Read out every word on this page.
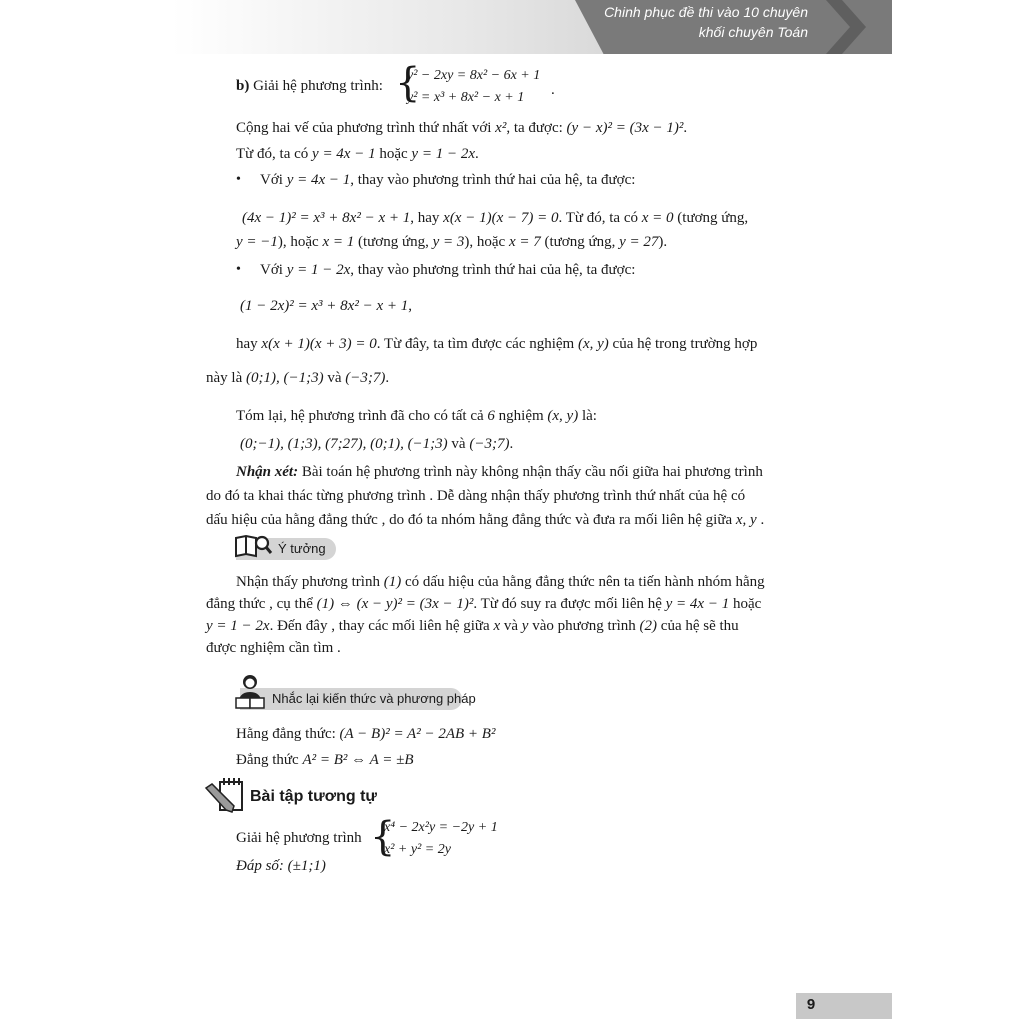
Chinh phục đề thi vào 10 chuyên
khối chuyên Toán
b) Giải hệ phương trình: {
y² − 2xy = 8x² − 6x + 1
y² = x³ + 8x² − x + 1 .
Cộng hai vế của phương trình thứ nhất với x², ta được: (y − x)² = (3x − 1)².
Từ đó, ta có y = 4x − 1 hoặc y = 1 − 2x.
• Với y = 4x − 1, thay vào phương trình thứ hai của hệ, ta được:
(4x − 1)² = x³ + 8x² − x + 1, hay x(x − 1)(x − 7) = 0. Từ đó, ta có x = 0 (tương ứng,
y = −1), hoặc x = 1 (tương ứng, y = 3), hoặc x = 7 (tương ứng, y = 27).
• Với y = 1 − 2x, thay vào phương trình thứ hai của hệ, ta được:
(1 − 2x)² = x³ + 8x² − x + 1,
hay x(x + 1)(x + 3) = 0. Từ đây, ta tìm được các nghiệm (x, y) của hệ trong trường hợp
này là (0;1), (−1;3) và (−3;7).
Tóm lại, hệ phương trình đã cho có tất cả 6 nghiệm (x, y) là:
(0;−1), (1;3), (7;27), (0;1), (−1;3) và (−3;7).
Nhận xét: Bài toán hệ phương trình này không nhận thấy cầu nối giữa hai phương trình
do đó ta khai thác từng phương trình . Dễ dàng nhận thấy phương trình thứ nhất của hệ có
dấu hiệu của hằng đẳng thức , do đó ta nhóm hằng đẳng thức và đưa ra mối liên hệ giữa x, y .
Ý tưởng
Nhận thấy phương trình (1) có dấu hiệu của hằng đẳng thức nên ta tiến hành nhóm hằng
đẳng thức , cụ thể (1) ⇔ (x − y)² = (3x − 1)². Từ đó suy ra được mối liên hệ y = 4x − 1 hoặc
y = 1 − 2x. Đến đây , thay các mối liên hệ giữa x và y vào phương trình (2) của hệ sẽ thu
được nghiệm cần tìm .
Nhắc lại kiến thức và phương pháp
Hằng đẳng thức: (A − B)² = A² − 2AB + B²
Đẳng thức A² = B² ⇔ A = ±B
Bài tập tương tự
Giải hệ phương trình {
x⁴ − 2x²y = −2y + 1
x² + y² = 2y
Đáp số: (±1;1)
9
